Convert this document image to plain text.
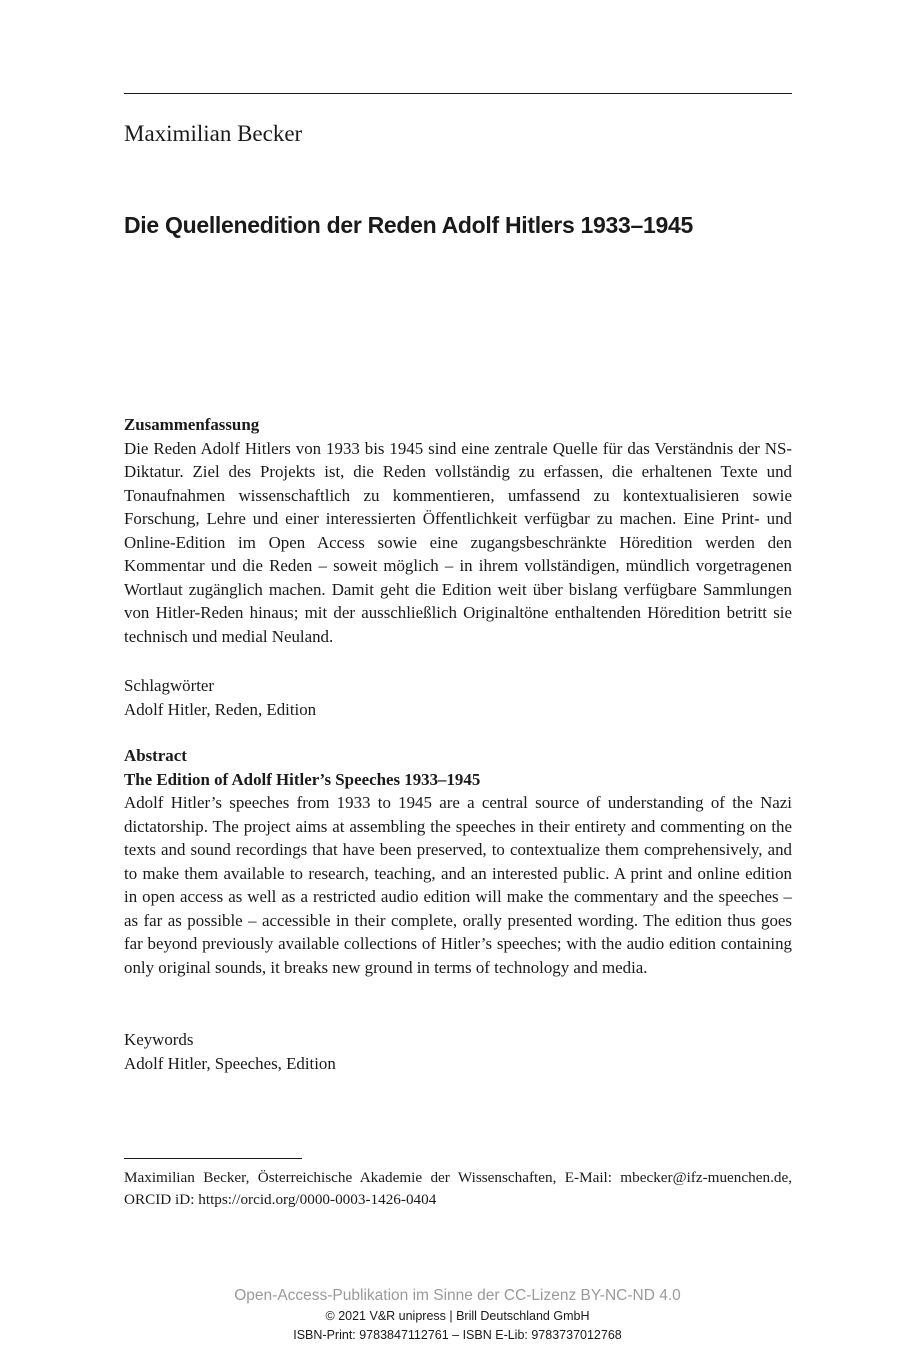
Maximilian Becker
Die Quellenedition der Reden Adolf Hitlers 1933–1945

Zusammenfassung

Die Reden Adolf Hitlers von 1933 bis 1945 sind eine zentrale Quelle für das Verständnis der NS-Diktatur. Ziel des Projekts ist, die Reden vollständig zu erfassen, die erhaltenen Texte und Tonaufnahmen wissenschaftlich zu kommentieren, umfassend zu kontextualisieren sowie Forschung, Lehre und einer interessierten Öffentlichkeit verfügbar zu machen. Eine Print- und Online-Edition im Open Access sowie eine zugangsbeschränkte Höredition werden den Kommentar und die Reden – soweit möglich – in ihrem vollständigen, mündlich vorgetragenen Wortlaut zugänglich machen. Damit geht die Edition weit über bislang verfügbare Sammlungen von Hitler-Reden hinaus; mit der ausschließlich Originaltöne enthaltenden Höredition betritt sie technisch und medial Neuland.

Schlagwörter

Adolf Hitler, Reden, Edition

Abstract

The Edition of Adolf Hitler’s Speeches 1933–1945

Adolf Hitler’s speeches from 1933 to 1945 are a central source of understanding of the Nazi dictatorship. The project aims at assembling the speeches in their entirety and commenting on the texts and sound recordings that have been preserved, to contextualize them comprehensively, and to make them available to research, teaching, and an interested public. A print and online edition in open access as well as a restricted audio edition will make the commentary and the speeches – as far as possible – accessible in their complete, orally presented wording. The edition thus goes far beyond previously available collections of Hitler’s speeches; with the audio edition containing only original sounds, it breaks new ground in terms of technology and media.

Keywords

Adolf Hitler, Speeches, Edition

Maximilian Becker, Österreichische Akademie der Wissenschaften, E-Mail: mbecker@ifz-muenchen.de, ORCID iD: https://orcid.org/0000-0003-1426-0404
Open-Access-Publikation im Sinne der CC-Lizenz BY-NC-ND 4.0
© 2021 V&R unipress | Brill Deutschland GmbH
ISBN-Print: 9783847112761 – ISBN E-Lib: 9783737012768
